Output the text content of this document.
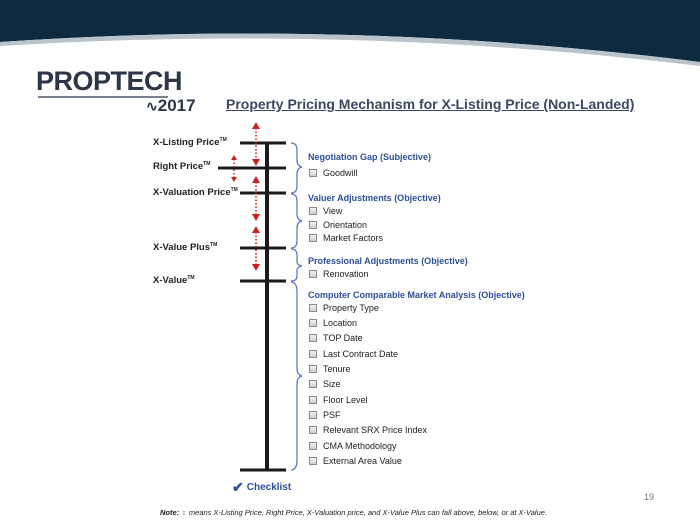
PROPTECH
∿2017 Property Pricing Mechanism for X-Listing Price (Non-Landed)
X-Listing Price™
Right Price™
X-Valuation Price™
X-Value Plus™
X-Value™
Negotiation Gap (Subjective)
Goodwill
Valuer Adjustments (Objective)
View
Orientation
Market Factors
Professional Adjustments (Objective)
Renovation
Computer Comparable Market Analysis (Objective)
Property Type
Location
TOP Date
Last Contract Date
Tenure
Size
Floor Level
PSF
Relevant SRX Price Index
CMA Methodology
External Area Value
✔ Checklist
19
Note: ↕ means X-Listing Price, Right Price, X-Valuation price, and X-Value Plus can fall above, below, or at X-Value.
